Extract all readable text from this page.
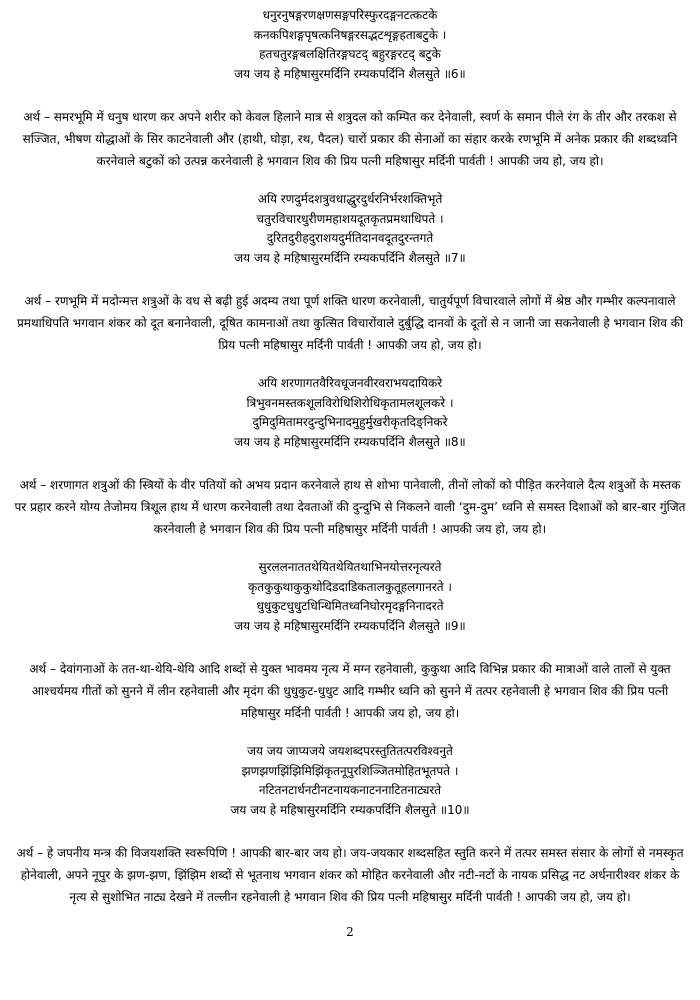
धनुरनुषङ्गरणक्षणसङ्गपरिस्फुरदङ्गनटत्कटके
कनकपिशङ्गपृषत्कनिषङ्गरसद्भटशृङ्गहताबटुके ।
हतचतुरङ्गबलक्षितिरङ्गघटद् बहुरङ्गरटद् बटुके
जय जय हे महिषासुरमर्दिनि रम्यकपर्दिनि शैलसुते ॥6॥
अर्थ – समरभूमि में धनुष धारण कर अपने शरीर को केवल हिलाने मात्र से शत्रुदल को कम्पित कर देनेवाली, स्वर्ण के समान पीले रंग के तीर और तरकश से सज्जित, भीषण योद्धाओं के सिर काटनेवाली और (हाथी, घोड़ा, रथ, पैदल) चारों प्रकार की सेनाओं का संहार करके रणभूमि में अनेक प्रकार की शब्दध्वनि करनेवाले बटुकों को उत्पन्न करनेवाली हे भगवान शिव की प्रिय पत्नी महिषासुर मर्दिनी पार्वती ! आपकी जय हो, जय हो।
अयि रणदुर्मदशत्रुवधाद्धुरदुर्धरनिर्भरशक्तिभृते
चतुरविचारधुरीणमहाशयदूतकृतप्रमथाधिपते ।
दुरितदुरीहदुराशयदुर्मतिदानवदूतदुरन्तगते
जय जय हे महिषासुरमर्दिनि रम्यकपर्दिनि शैलसुते ॥7॥
अर्थ – रणभूमि में मदोन्मत्त शत्रुओं के वध से बढ़ी हुई अदम्य तथा पूर्ण शक्ति धारण करनेवाली, चातुर्यपूर्ण विचारवाले लोगों में श्रेष्ठ और गम्भीर कल्पनावाले प्रमथाधिपति भगवान शंकर को दूत बनानेवाली, दूषित कामनाओं तथा कुत्सित विचारोंवाले दुर्बुद्धि दानवों के दूतों से न जानी जा सकनेवाली हे भगवान शिव की प्रिय पत्नी महिषासुर मर्दिनी पार्वती ! आपकी जय हो, जय हो।
अयि शरणागतवैरिवधूजनवीरवराभयदायिकरे
त्रिभुवनमस्तकशूलविरोधिशिरोधिकृतामलशूलकरे ।
दुमिदुमितामरदुन्दुभिनादमुहुर्मुखरीकृतदिङ्निकरे
जय जय हे महिषासुरमर्दिनि रम्यकपर्दिनि शैलसुते ॥8॥
अर्थ – शरणागत शत्रुओं की स्त्रियों के वीर पतियों को अभय प्रदान करनेवाले हाथ से शोभा पानेवाली, तीनों लोकों को पीड़ित करनेवाले दैत्य शत्रुओं के मस्तक पर प्रहार करने योग्य तेजोमय त्रिशूल हाथ में धारण करनेवाली तथा देवताओं की दुन्दुभि से निकलने वाली ‘दुम-दुम’ ध्वनि से समस्त दिशाओं को बार-बार गुंजित करनेवाली हे भगवान शिव की प्रिय पत्नी महिषासुर मर्दिनी पार्वती ! आपकी जय हो, जय हो।
सुरललनाततथेयितथेयितथाभिनयोत्तरनृत्यरते
कृतकुकुथाकुकुथोदिडदाडिकतालकुतूहलगानरते ।
धुधुकुटधुधुटधिन्धिमितध्वनिघोरमृदङ्गनिनादरते
जय जय हे महिषासुरमर्दिनि रम्यकपर्दिनि शैलसुते ॥9॥
अर्थ – देवांगनाओं के तत-था-थेयि-थेयि आदि शब्दों से युक्त भावमय नृत्य में मग्न रहनेवाली, कुकुथा आदि विभिन्न प्रकार की मात्राओं वाले तालों से युक्त आश्चर्यमय गीतों को सुनने में लीन रहनेवाली और मृदंग की धुधुकुट-धुधुट आदि गम्भीर ध्वनि को सुनने में तत्पर रहनेवाली हे भगवान शिव की प्रिय पत्नी महिषासुर मर्दिनी पार्वती ! आपकी जय हो, जय हो।
जय जय जाप्यजये जयशब्दपरस्तुतितत्परविश्वनुते
झणझणझिंझिमिझिंकृतनूपुरशिञ्जितमोहितभूतपते ।
नटितनटार्धनटीनटनायकनाटननाटितनाट्यरते
जय जय हे महिषासुरमर्दिनि रम्यकपर्दिनि शैलसुते ॥10॥
अर्थ – हे जपनीय मन्त्र की विजयशक्ति स्वरूपिणि ! आपकी बार-बार जय हो। जय-जयकार शब्दसहित स्तुति करने में तत्पर समस्त संसार के लोगों से नमस्कृत होनेवाली, अपने नूपुर के झण-झण, झिंझिम शब्दों से भूतनाथ भगवान शंकर को मोहित करनेवाली और नटी-नटों के नायक प्रसिद्ध नट अर्धनारीश्वर शंकर के नृत्य से सुशोभित नाट्य देखने में तल्लीन रहनेवाली हे भगवान शिव की प्रिय पत्नी महिषासुर मर्दिनी पार्वती ! आपकी जय हो, जय हो।
2
